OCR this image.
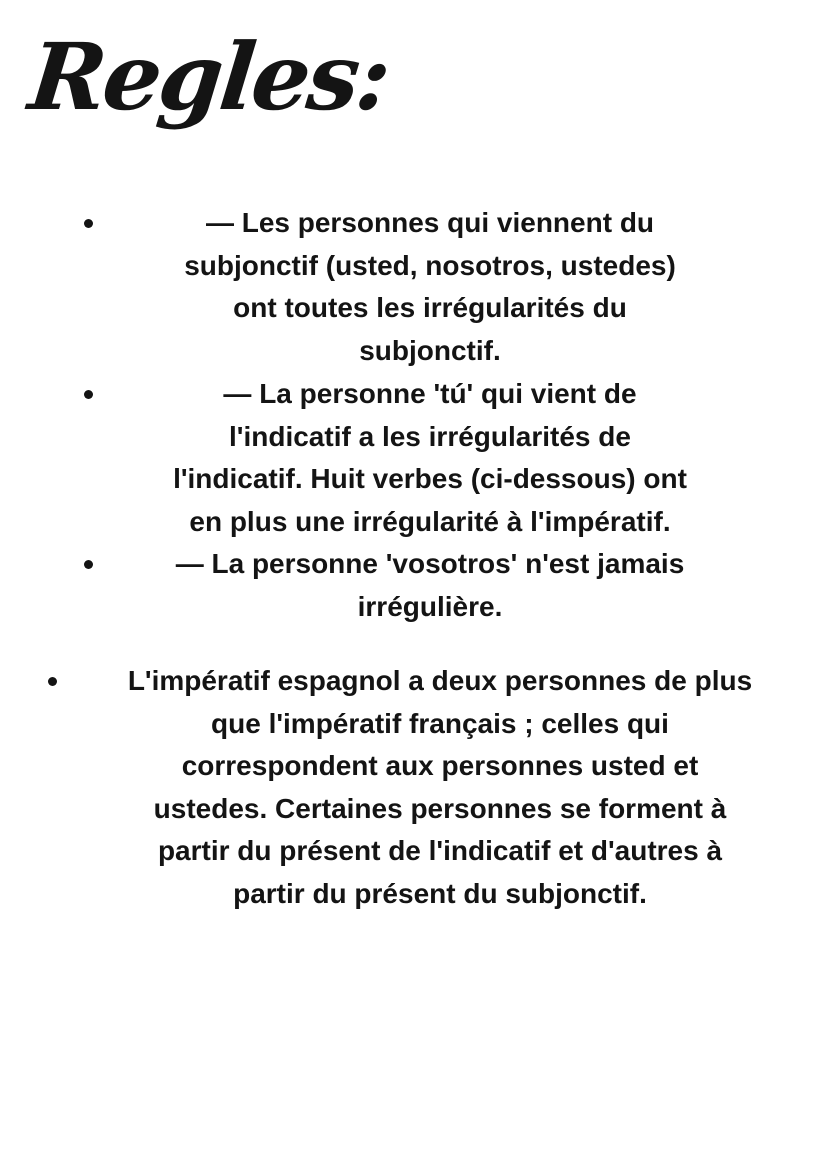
Regles:
— Les personnes qui viennent du
subjonctif (usted, nosotros, ustedes)
ont toutes les irrégularités du
subjonctif.
— La personne 'tú' qui vient de
l'indicatif a les irrégularités de
l'indicatif. Huit verbes (ci-dessous) ont
en plus une irrégularité à l'impératif.
— La personne 'vosotros' n'est jamais
irrégulière.
L'impératif espagnol a deux personnes de plus
que l'impératif français ; celles qui
correspondent aux personnes usted et
ustedes. Certaines personnes se forment à
partir du présent de l'indicatif et d'autres à
partir du présent du subjonctif.
